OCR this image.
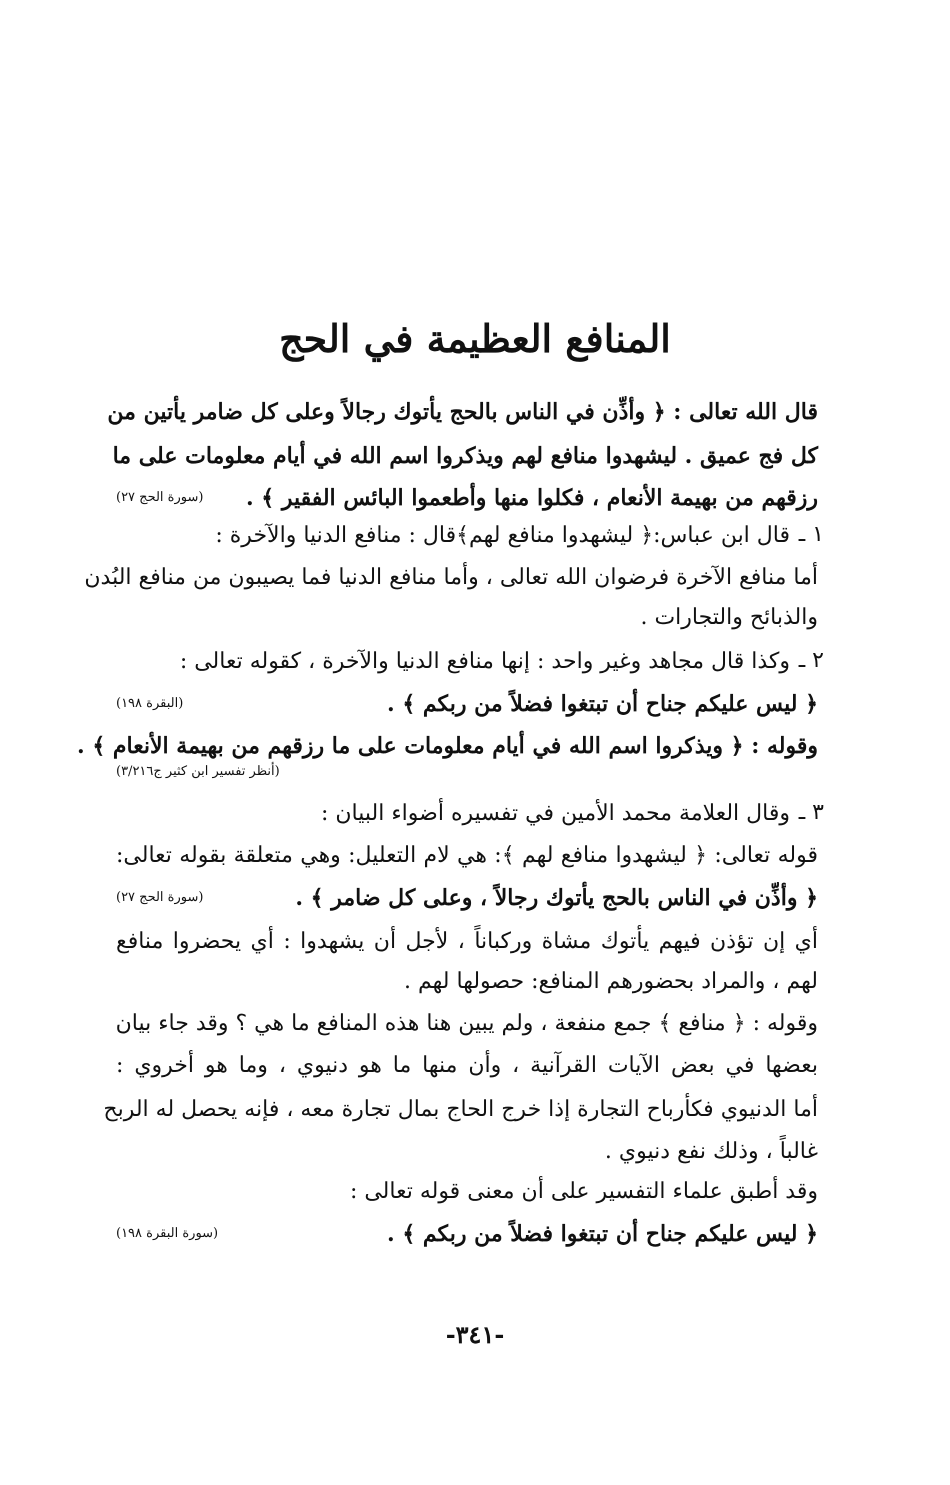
المنافع العظيمة في الحج
قال الله تعالى : ﴿ وأذِّن في الناس بالحج يأتوك رجالاً وعلى كل ضامر يأتين من
كل فج عميق . ليشهدوا منافع لهم ويذكروا اسم الله في أيام معلومات على ما
رزقهم من بهيمة الأنعام ، فكلوا منها وأطعموا البائس الفقير ﴾ .
(سورة الحج ٢٧)
١ ـ
قال ابن عباس:﴿ ليشهدوا منافع لهم﴾قال : منافع الدنيا والآخرة :
أما منافع الآخرة فرضوان الله تعالى ، وأما منافع الدنيا فما يصيبون من منافع البُدن
والذبائح والتجارات .
٢ ـ
وكذا قال مجاهد وغير واحد : إنها منافع الدنيا والآخرة ، كقوله تعالى :
﴿ ليس عليكم جناح أن تبتغوا فضلاً من ربكم ﴾ .
(البقرة ١٩٨)
وقوله : ﴿ ويذكروا اسم الله في أيام معلومات على ما رزقهم من بهيمة الأنعام ﴾ .
(أنظر تفسير ابن كثير ج٣/٢١٦)
٣ ـ
وقال العلامة محمد الأمين في تفسيره أضواء البيان :
قوله تعالى: ﴿ ليشهدوا منافع لهم ﴾: هي لام التعليل: وهي متعلقة بقوله تعالى:
﴿ وأذِّن في الناس بالحج يأتوك رجالاً ، وعلى كل ضامر ﴾ .
(سورة الحج ٢٧)
أي إن تؤذن فيهم يأتوك مشاة وركباناً ، لأجل أن يشهدوا : أي يحضروا منافع
لهم ، والمراد بحضورهم المنافع: حصولها لهم .
وقوله : ﴿ منافع ﴾ جمع منفعة ، ولم يبين هنا هذه المنافع ما هي ؟ وقد جاء بيان
بعضها في بعض الآيات القرآنية ، وأن منها ما هو دنيوي ، وما هو أخروي :
أما الدنيوي فكأرباح التجارة إذا خرج الحاج بمال تجارة معه ، فإنه يحصل له الربح
غالباً ، وذلك نفع دنيوي .
وقد أطبق علماء التفسير على أن معنى قوله تعالى :
﴿ ليس عليكم جناح أن تبتغوا فضلاً من ربكم ﴾ .
(سورة البقرة ١٩٨)
-٣٤١-
